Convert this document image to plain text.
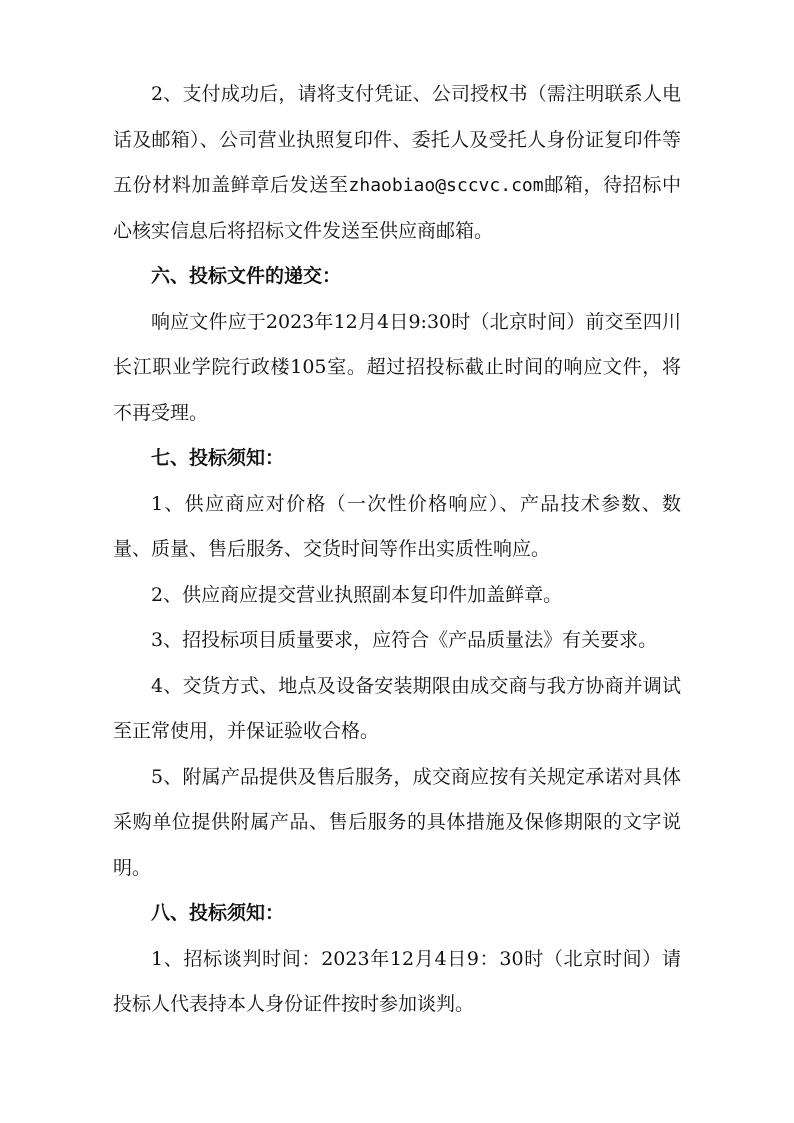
2、支付成功后，请将支付凭证、公司授权书（需注明联系人电话及邮箱）、公司营业执照复印件、委托人及受托人身份证复印件等五份材料加盖鲜章后发送至zhaobiao@sccvc.com邮箱，待招标中心核实信息后将招标文件发送至供应商邮箱。

六、投标文件的递交：

响应文件应于2023年12月4日9:30时（北京时间）前交至四川长江职业学院行政楼105室。超过招投标截止时间的响应文件，将不再受理。

七、投标须知：

1、供应商应对价格（一次性价格响应）、产品技术参数、数量、质量、售后服务、交货时间等作出实质性响应。

2、供应商应提交营业执照副本复印件加盖鲜章。

3、招投标项目质量要求，应符合《产品质量法》有关要求。

4、交货方式、地点及设备安装期限由成交商与我方协商并调试至正常使用，并保证验收合格。

5、附属产品提供及售后服务，成交商应按有关规定承诺对具体采购单位提供附属产品、售后服务的具体措施及保修期限的文字说明。

八、投标须知：

1、招标谈判时间：2023年12月4日9：30时（北京时间）请投标人代表持本人身份证件按时参加谈判。
